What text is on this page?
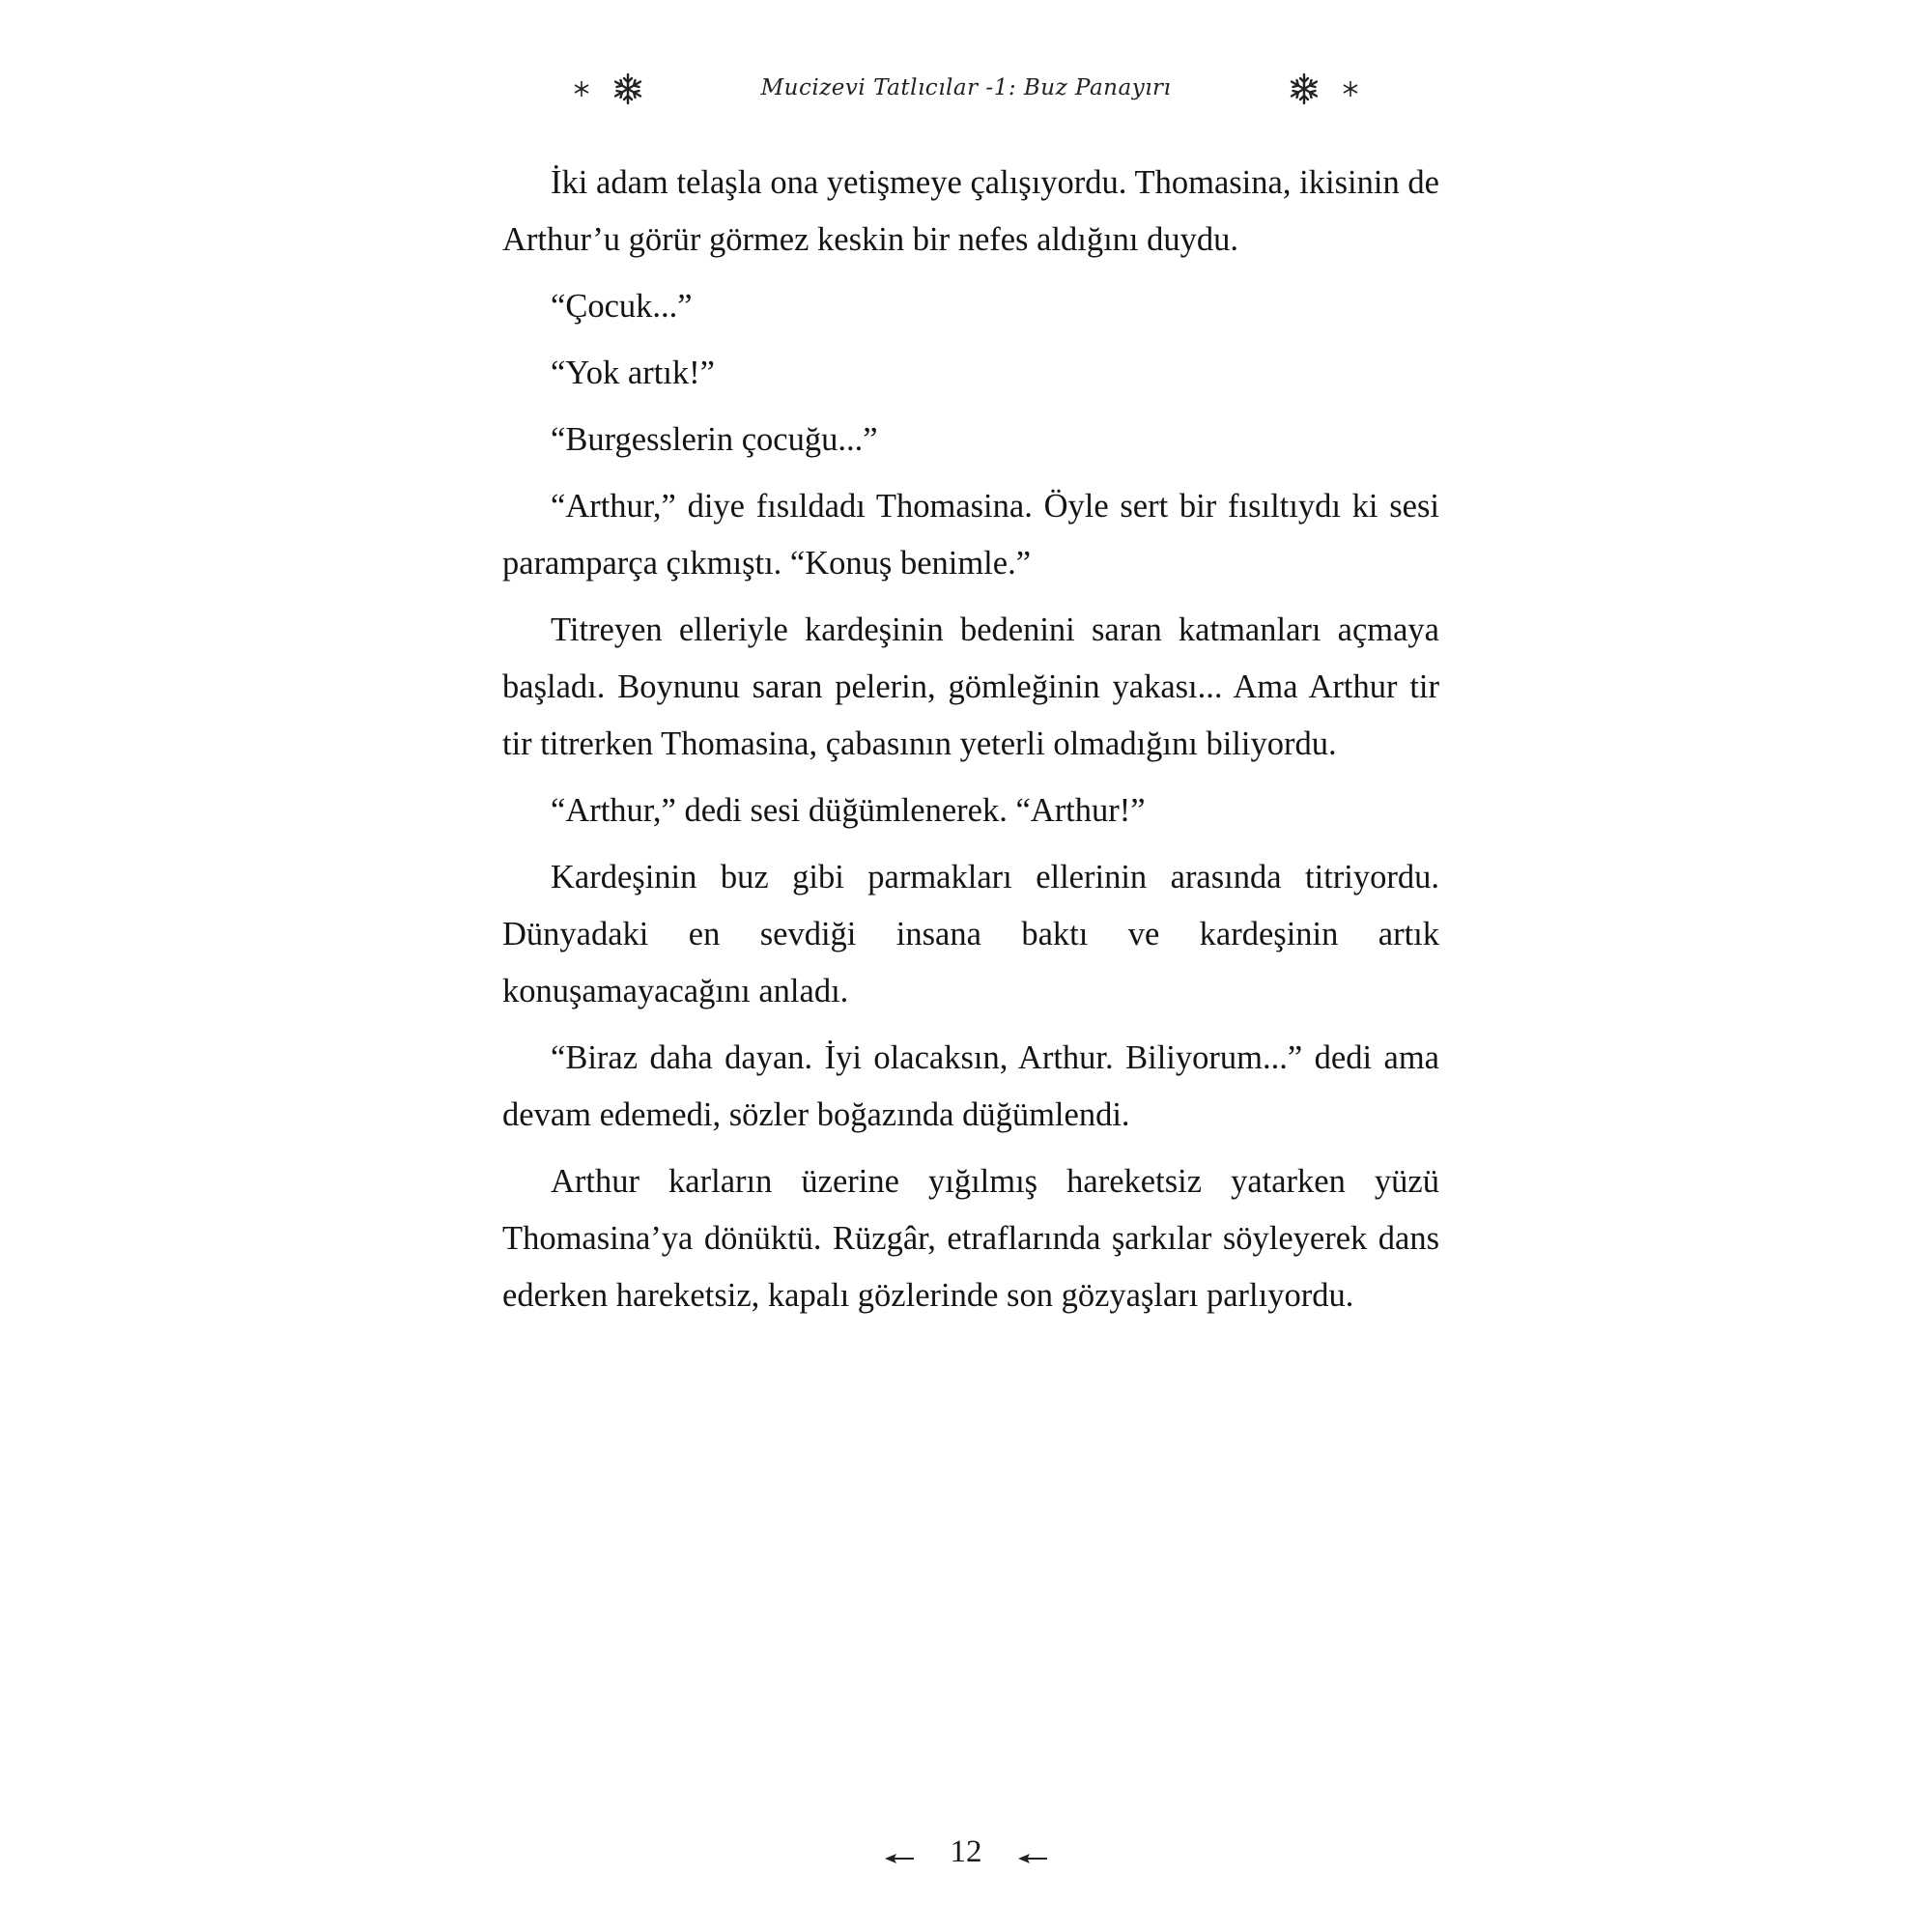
Mucizevi Tatlıcılar -1: Buz Panayırı

İki adam telaşla ona yetişmeye çalışıyordu. Thomasina, ikisinin de Arthur’u görür görmez keskin bir nefes aldığını duydu.

“Çocuk...”

“Yok artık!”

“Burgesslerin çocuğu...”

“Arthur,” diye fısıldadı Thomasina. Öyle sert bir fısıltıydı ki sesi paramparça çıkmıştı. “Konuş benimle.”

Titreyen elleriyle kardeşinin bedenini saran katmanları açmaya başladı. Boynunu saran pelerin, gömleğinin yakası... Ama Arthur tir tir titrerken Thomasina, çabasının yeterli olmadığını biliyordu.

“Arthur,” dedi sesi düğümlenerek. “Arthur!”

Kardeşinin buz gibi parmakları ellerinin arasında titriyordu. Dünyadaki en sevdiği insana baktı ve kardeşinin artık konuşamayacağını anladı.

“Biraz daha dayan. İyi olacaksın, Arthur. Biliyorum...” dedi ama devam edemedi, sözler boğazında düğümlendi.

Arthur karların üzerine yığılmış hareketsiz yatarken yüzü Thomasina’ya dönüktü. Rüzgâr, etraflarında şarkılar söyleyerek dans ederken hareketsiz, kapalı gözlerinde son gözyaşları parlıyordu.

12
